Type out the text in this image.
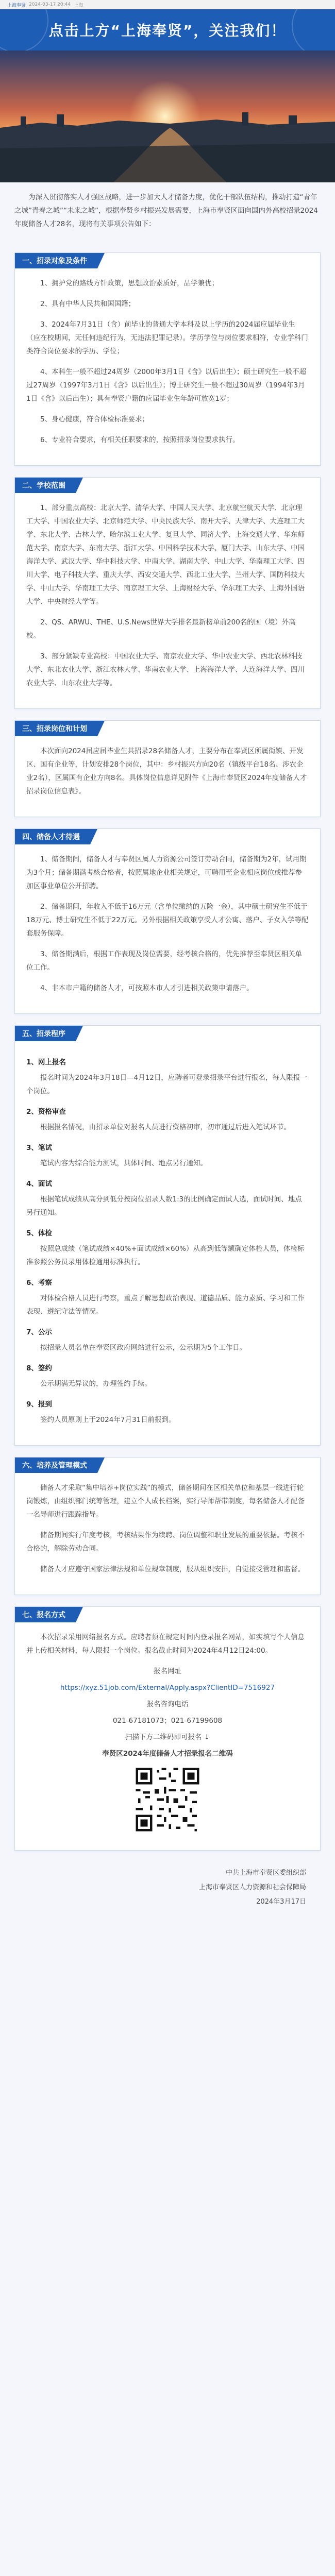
上海奉贤 2024-03-17 20:44 上海
点击上方“上海奉贤”，关注我们！
为深入贯彻落实人才强区战略，进一步加大人才储备力度，优化干部队伍结构，推动打造“青年之城”青春之城”“未来之城”，根据奉贤乡村振兴发展需要，上海市奉贤区面向国内外高校招录2024年度储备人才28名，现将有关事项公告如下：
一、招录对象及条件

1、拥护党的路线方针政策，思想政治素质好，品学兼优；

2、具有中华人民共和国国籍；

3、2024年7月31日（含）前毕业的普通大学本科及以上学历的2024届应届毕业生（应在校期间，无任何违纪行为，无违法犯罪记录）。学历学位与岗位要求相符，专业学科门类符合岗位要求的学历、学位；

4、本科生一般不超过24周岁（2000年3月1日《含》以后出生）；硕士研究生一般不超过27周岁（1997年3月1日《含》以后出生）；博士研究生一般不超过30周岁（1994年3月1日《含》以后出生）；具有奉贤户籍的应届毕业生年龄可放宽1岁；

5、身心健康，符合体检标准要求；

6、专业符合要求，有相关任职要求的，按照招录岗位要求执行。

二、学校范围

1、部分重点高校：北京大学、清华大学、中国人民大学、北京航空航天大学、北京理工大学、中国农业大学、北京师范大学、中央民族大学、南开大学、天津大学、大连理工大学、东北大学、吉林大学、哈尔滨工业大学、复旦大学、同济大学、上海交通大学、华东师范大学、南京大学、东南大学、浙江大学、中国科学技术大学、厦门大学、山东大学、中国海洋大学、武汉大学、华中科技大学、中南大学、湖南大学、中山大学、华南理工大学、四川大学、电子科技大学、重庆大学、西安交通大学、西北工业大学、兰州大学、国防科技大学、中山大学、华南理工大学、南京理工大学、上海财经大学、华东理工大学、上海外国语大学、中央财经大学等。

2、QS、ARWU、THE、U.S.News世界大学排名最新榜单前200名的国（境）外高校。

3、部分紧缺专业高校：中国农业大学、南京农业大学、华中农业大学、西北农林科技大学、东北农业大学、浙江农林大学、华南农业大学、上海海洋大学、大连海洋大学、四川农业大学、山东农业大学等。

三、招录岗位和计划

本次面向2024届应届毕业生共招录28名储备人才，主要分布在奉贤区所属街镇、开发区、国有企业等，计划安排28个岗位，其中：乡村振兴方向20名（镇级平台18名、涉农企业2名），区属国有企业方向8名。具体岗位信息详见附件《上海市奉贤区2024年度储备人才招录岗位信息表》。

四、储备人才待遇

1、储备期间，储备人才与奉贤区属人力资源公司签订劳动合同，储备期为2年，试用期为3个月；储备期满考核合格者，按照属地企业相关规定，可聘用至企业相应岗位或推荐参加区事业单位公开招聘。

2、储备期间，年收入不低于16万元（含单位缴纳的五险一金），其中硕士研究生不低于18万元、博士研究生不低于22万元。另外根据相关政策享受人才公寓、落户、子女入学等配套服务保障。

3、储备期满后，根据工作表现及岗位需要，经考核合格的，优先推荐至奉贤区相关单位工作。

4、非本市户籍的储备人才，可按照本市人才引进相关政策申请落户。

五、招录程序

1、网上报名

报名时间为2024年3月18日—4月12日，应聘者可登录招录平台进行报名，每人限报一个岗位。

2、资格审查

根据报名情况，由招录单位对报名人员进行资格初审，初审通过后进入笔试环节。

3、笔试

笔试内容为综合能力测试，具体时间、地点另行通知。

4、面试

根据笔试成绩从高分到低分按岗位招录人数1:3的比例确定面试人选，面试时间、地点另行通知。

5、体检

按照总成绩（笔试成绩×40%+面试成绩×60%）从高到低等额确定体检人员，体检标准参照公务员录用体检通用标准执行。

6、考察

对体检合格人员进行考察，重点了解思想政治表现、道德品质、能力素质、学习和工作表现、遵纪守法等情况。

7、公示

拟招录人员名单在奉贤区政府网站进行公示，公示期为5个工作日。

8、签约

公示期满无异议的，办理签约手续。

9、报到

签约人员原则上于2024年7月31日前报到。

六、培养及管理模式

储备人才采取“集中培养+岗位实践”的模式，储备期间在区相关单位和基层一线进行轮岗锻炼，由组织部门统筹管理，建立个人成长档案，实行导师帮带制度，每名储备人才配备一名导师进行跟踪指导。

储备期间实行年度考核，考核结果作为续聘、岗位调整和职业发展的重要依据。考核不合格的，解除劳动合同。

储备人才应遵守国家法律法规和单位规章制度，服从组织安排，自觉接受管理和监督。

七、报名方式

本次招录采用网络报名方式。应聘者须在规定时间内登录报名网站，如实填写个人信息并上传相关材料，每人限报一个岗位。报名截止时间为2024年4月12日24:00。

报名网址

https://xyz.51job.com/External/Apply.aspx?ClientID=7516927

报名咨询电话

021-67181073；021-67199608

扫描下方二维码即可报名 ↓

奉贤区2024年度储备人才招录报名二维码

中共上海市奉贤区委组织部
上海市奉贤区人力资源和社会保障局
2024年3月17日
